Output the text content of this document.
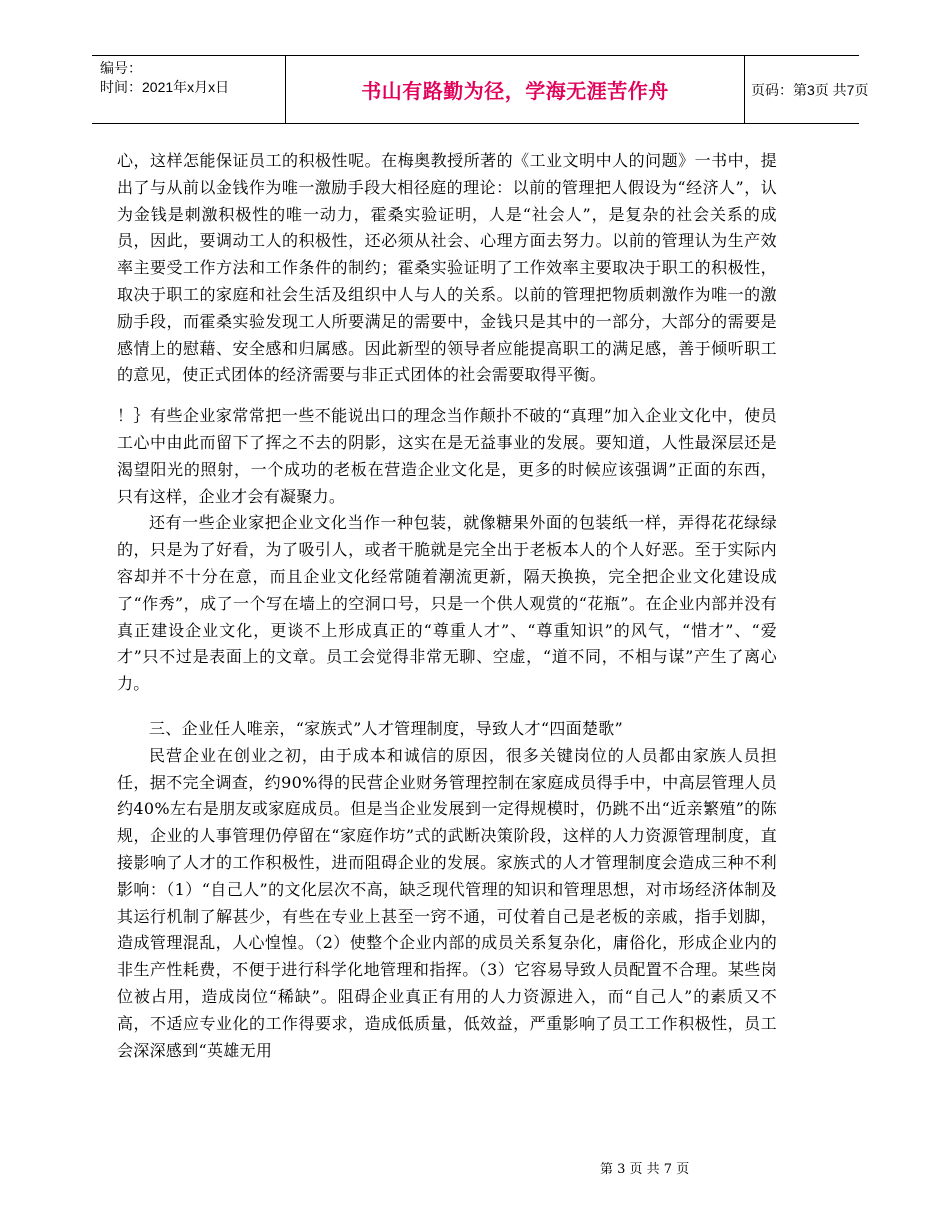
编号：
时间：2021年x月x日	书山有路勤为径，学海无涯苦作舟	页码：第3页 共7页

心，这样怎能保证员工的积极性呢。在梅奥教授所著的《工业文明中人的问题》一书中，提出了与从前以金钱作为唯一激励手段大相径庭的理论：以前的管理把人假设为“经济人”，认为金钱是刺激积极性的唯一动力，霍桑实验证明，人是“社会人”，是复杂的社会关系的成员，因此，要调动工人的积极性，还必须从社会、心理方面去努力。以前的管理认为生产效率主要受工作方法和工作条件的制约；霍桑实验证明了工作效率主要取决于职工的积极性，取决于职工的家庭和社会生活及组织中人与人的关系。以前的管理把物质刺激作为唯一的激励手段，而霍桑实验发现工人所要满足的需要中，金钱只是其中的一部分，大部分的需要是感情上的慰藉、安全感和归属感。因此新型的领导者应能提高职工的满足感，善于倾听职工的意见，使正式团体的经济需要与非正式团体的社会需要取得平衡。

！｝有些企业家常常把一些不能说出口的理念当作颠扑不破的“真理”加入企业文化中，使员工心中由此而留下了挥之不去的阴影，这实在是无益事业的发展。要知道，人性最深层还是渴望阳光的照射，一个成功的老板在营造企业文化是，更多的时候应该强调”正面的东西，只有这样，企业才会有凝聚力。

还有一些企业家把企业文化当作一种包装，就像糖果外面的包装纸一样，弄得花花绿绿的，只是为了好看，为了吸引人，或者干脆就是完全出于老板本人的个人好恶。至于实际内容却并不十分在意，而且企业文化经常随着潮流更新，隔天换换，完全把企业文化建设成了“作秀”，成了一个写在墙上的空洞口号，只是一个供人观赏的“花瓶”。在企业内部并没有真正建设企业文化，更谈不上形成真正的“尊重人才”、“尊重知识”的风气，“惜才”、“爱才”只不过是表面上的文章。员工会觉得非常无聊、空虚，“道不同，不相与谋”产生了离心力。

三、企业任人唯亲，“家族式”人才管理制度，导致人才“四面楚歌”

民营企业在创业之初，由于成本和诚信的原因，很多关键岗位的人员都由家族人员担任，据不完全调查，约90%得的民营企业财务管理控制在家庭成员得手中，中高层管理人员约40%左右是朋友或家庭成员。但是当企业发展到一定得规模时，仍跳不出“近亲繁殖”的陈规，企业的人事管理仍停留在“家庭作坊”式的武断决策阶段，这样的人力资源管理制度，直接影响了人才的工作积极性，进而阻碍企业的发展。家族式的人才管理制度会造成三种不利影响：（1）“自己人”的文化层次不高，缺乏现代管理的知识和管理思想，对市场经济体制及其运行机制了解甚少，有些在专业上甚至一窍不通，可仗着自己是老板的亲戚，指手划脚，造成管理混乱，人心惶惶。（2）使整个企业内部的成员关系复杂化，庸俗化，形成企业内的非生产性耗费，不便于进行科学化地管理和指挥。（3）它容易导致人员配置不合理。某些岗位被占用，造成岗位“稀缺”。阻碍企业真正有用的人力资源进入，而“自己人”的素质又不高，不适应专业化的工作得要求，造成低质量，低效益，严重影响了员工工作积极性，员工会深深感到“英雄无用

第 3 页 共 7 页
